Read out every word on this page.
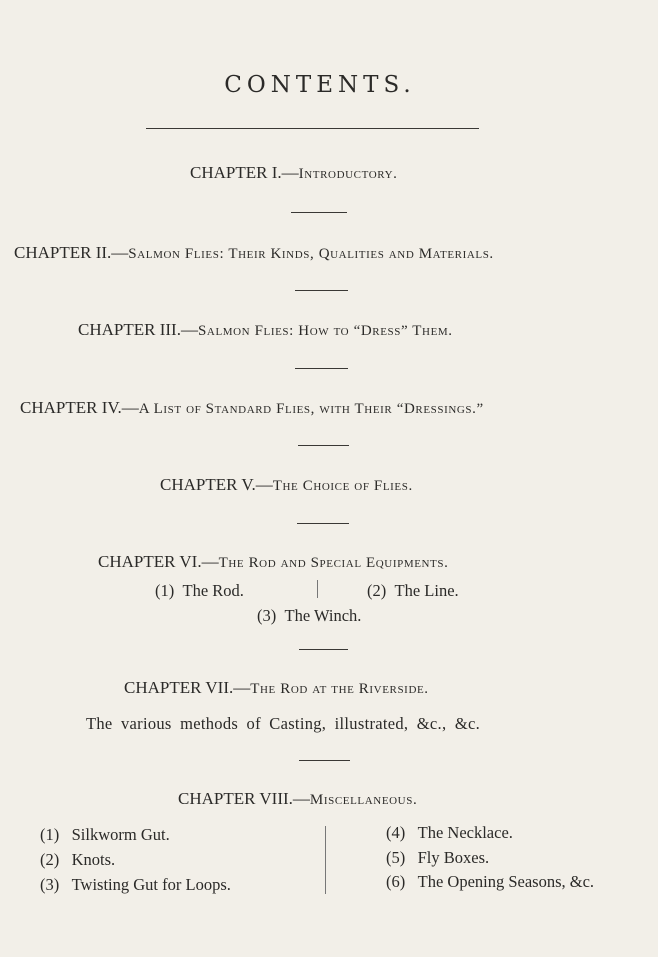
CONTENTS.
CHAPTER I.—Introductory.
CHAPTER II.—Salmon Flies: Their Kinds, Qualities and Materials.
CHAPTER III.—Salmon Flies: How to “Dress” Them.
CHAPTER IV.—A List of Standard Flies, with Their “Dressings.”
CHAPTER V.—The Choice of Flies.
CHAPTER VI.—The Rod and Special Equipments.
(1) The Rod.	(2) The Line.
(3) The Winch.
CHAPTER VII.—The Rod at the Riverside.
The various methods of Casting, illustrated, &c., &c.
CHAPTER VIII.—Miscellaneous.
(1) Silkworm Gut.
(2) Knots.
(3) Twisting Gut for Loops.
(4) The Necklace.
(5) Fly Boxes.
(6) The Opening Seasons, &c.
